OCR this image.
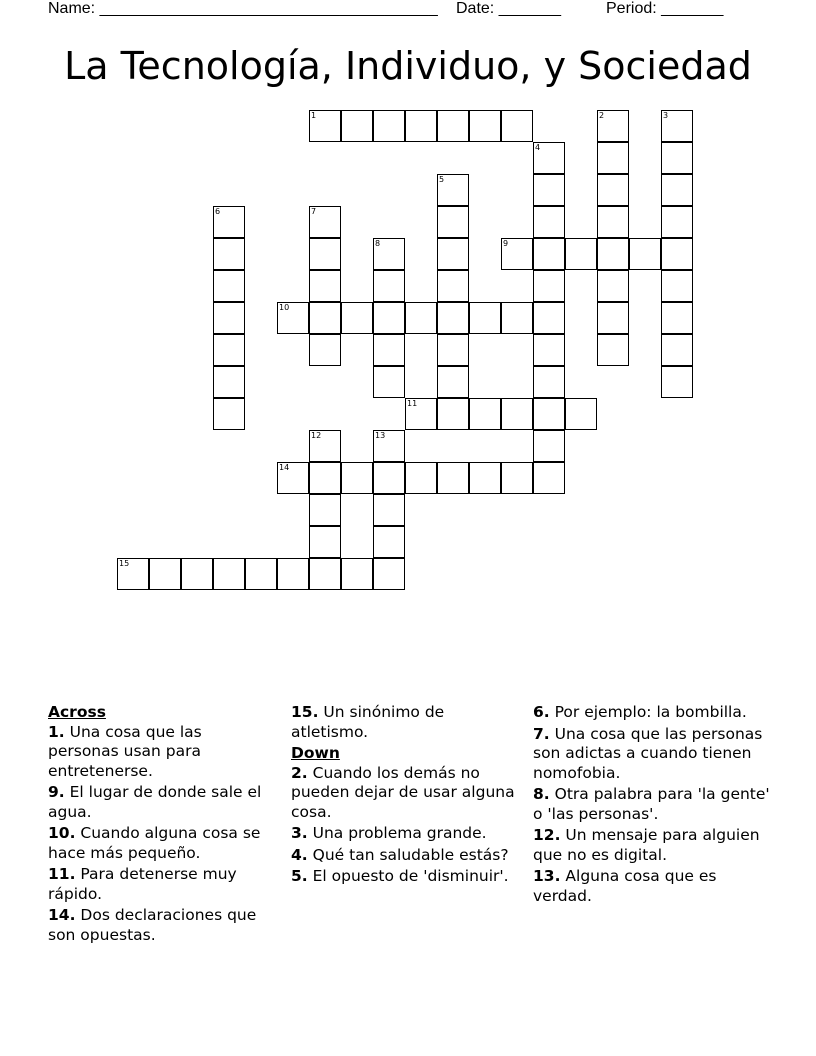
Name: ______________________________________ Date: _______	Period: _______
La Tecnología, Individuo, y Sociedad
1	2	3
4
5
6	7
8	9
10
11
12	13
14
15
Across
1. Una cosa que las personas usan para entretenerse.
9. El lugar de donde sale el agua.
10. Cuando alguna cosa se hace más pequeño.
11. Para detenerse muy rápido.
14. Dos declaraciones que son opuestas.
15. Un sinónimo de atletismo.
Down
2. Cuando los demás no pueden dejar de usar alguna cosa.
3. Una problema grande.
4. Qué tan saludable estás?
5. El opuesto de 'disminuir'.
6. Por ejemplo: la bombilla.
7. Una cosa que las personas son adictas a cuando tienen nomofobia.
8. Otra palabra para 'la gente' o 'las personas'.
12. Un mensaje para alguien que no es digital.
13. Alguna cosa que es verdad.
